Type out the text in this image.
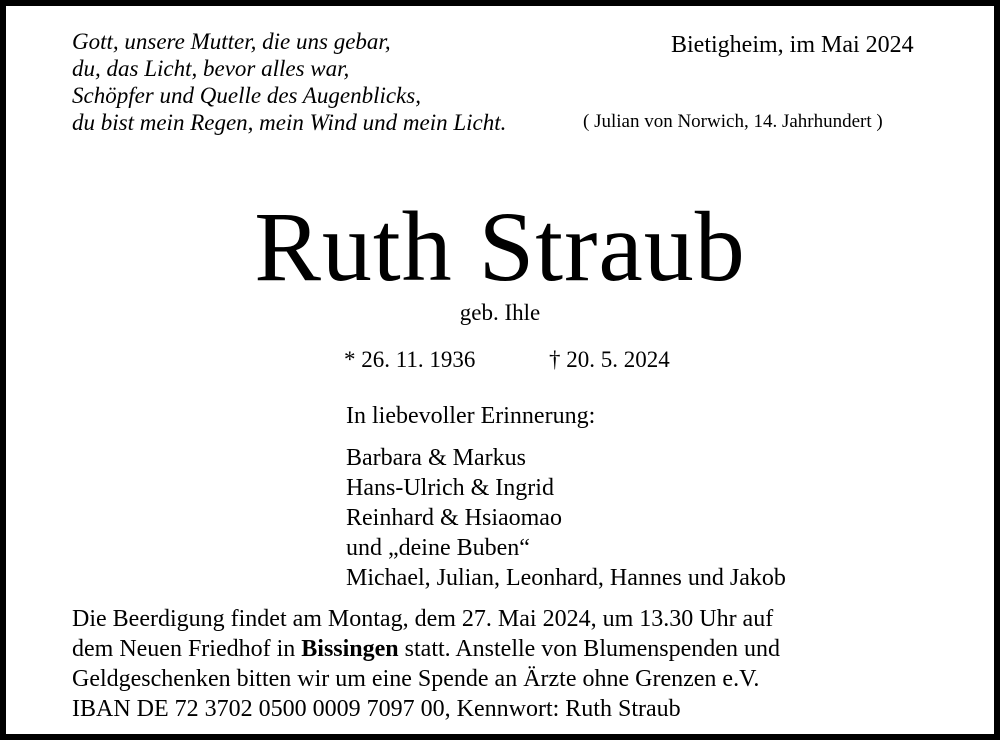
Gott, unsere Mutter, die uns gebar,
du, das Licht, bevor alles war,
Schöpfer und Quelle des Augenblicks,
du bist mein Regen, mein Wind und mein Licht.
Bietigheim, im Mai 2024
( Julian von Norwich, 14. Jahrhundert )
Ruth Straub
geb. Ihle
* 26. 11. 1936	† 20. 5. 2024
In liebevoller Erinnerung:
Barbara & Markus
Hans-Ulrich & Ingrid
Reinhard & Hsiaomao
und „deine Buben“
Michael, Julian, Leonhard, Hannes und Jakob
Die Beerdigung findet am Montag, dem 27. Mai 2024, um 13.30 Uhr auf
dem Neuen Friedhof in Bissingen statt. Anstelle von Blumenspenden und
Geldgeschenken bitten wir um eine Spende an Ärzte ohne Grenzen e.V.
IBAN DE 72 3702 0500 0009 7097 00, Kennwort: Ruth Straub
